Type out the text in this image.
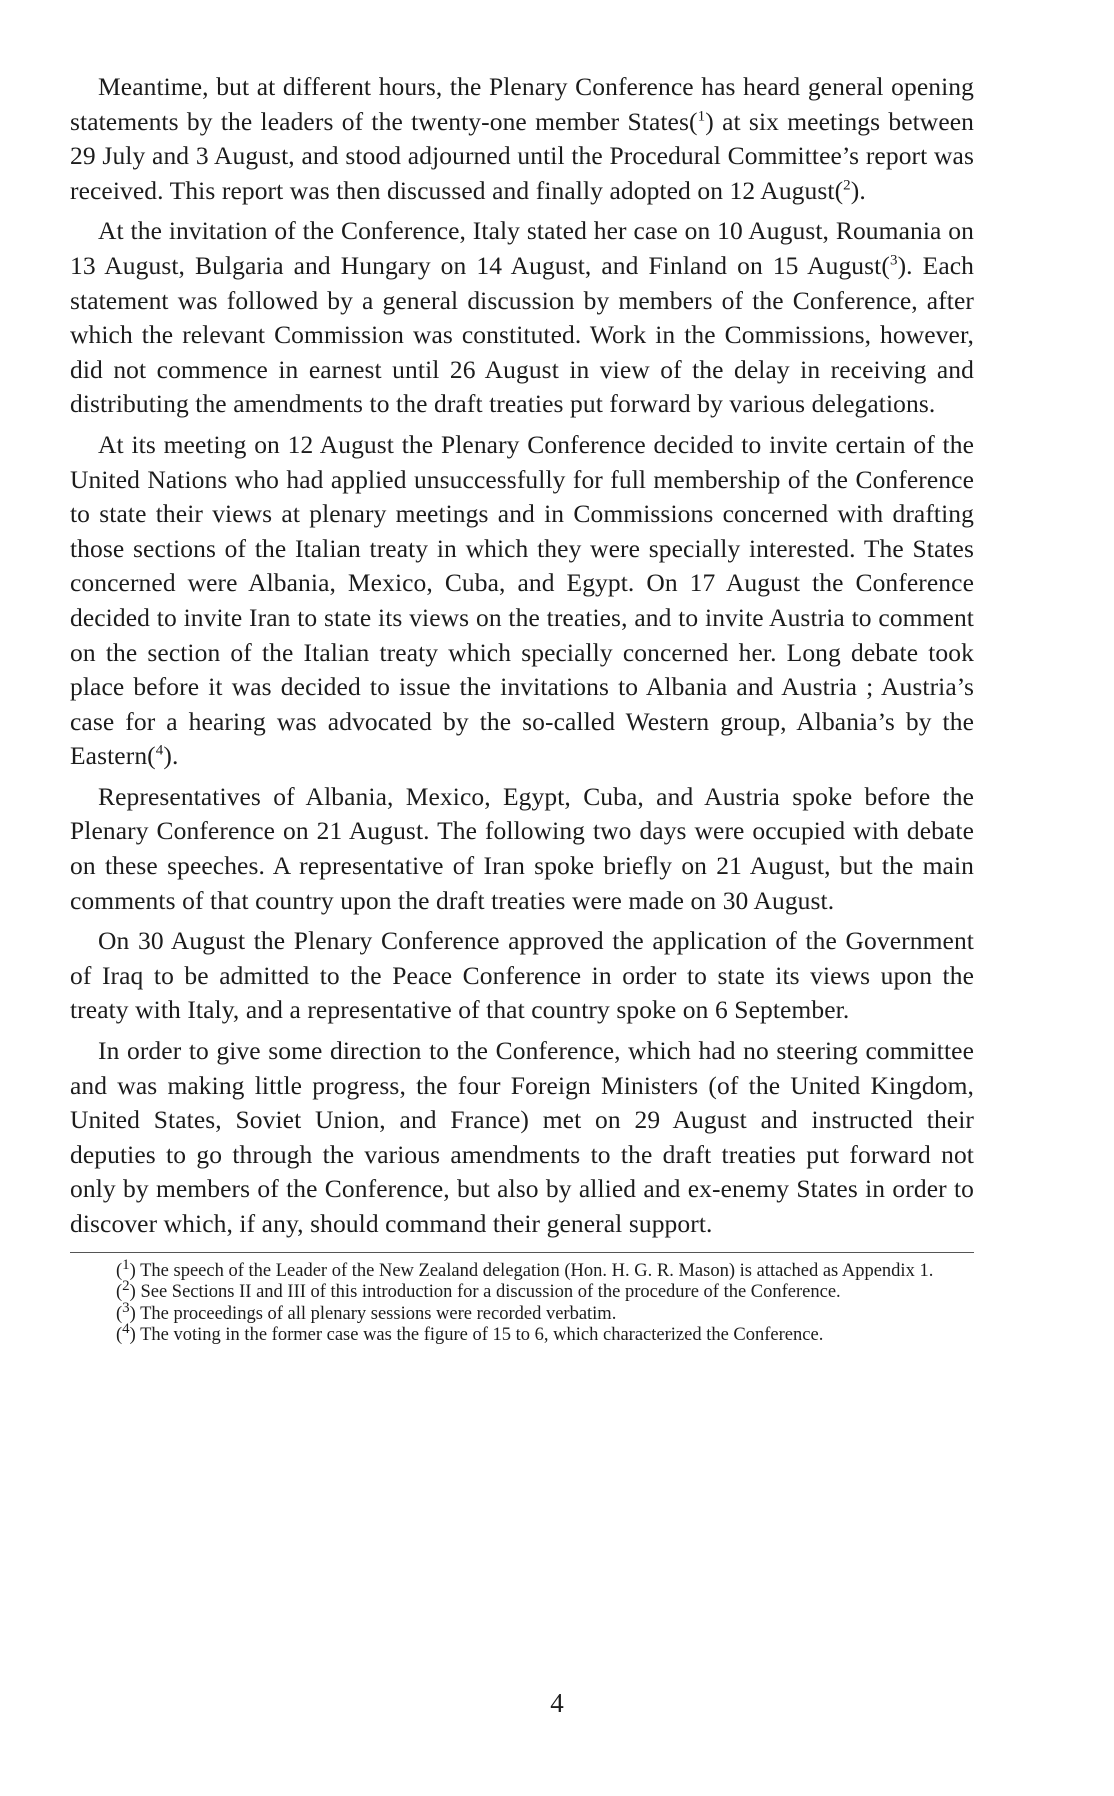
Meantime, but at different hours, the Plenary Conference has heard general opening statements by the leaders of the twenty-one member States($^1$) at six meetings between 29 July and 3 August, and stood adjourned until the Procedural Committee’s report was received. This report was then discussed and finally adopted on 12 August($^2$).

At the invitation of the Conference, Italy stated her case on 10 August, Roumania on 13 August, Bulgaria and Hungary on 14 August, and Finland on 15 August($^3$). Each statement was followed by a general discussion by members of the Conference, after which the relevant Commission was constituted. Work in the Commissions, however, did not commence in earnest until 26 August in view of the delay in receiving and distributing the amendments to the draft treaties put forward by various delegations.

At its meeting on 12 August the Plenary Conference decided to invite certain of the United Nations who had applied unsuccessfully for full membership of the Conference to state their views at plenary meetings and in Commissions concerned with drafting those sections of the Italian treaty in which they were specially interested. The States concerned were Albania, Mexico, Cuba, and Egypt. On 17 August the Conference decided to invite Iran to state its views on the treaties, and to invite Austria to comment on the section of the Italian treaty which specially concerned her. Long debate took place before it was decided to issue the invitations to Albania and Austria ; Austria’s case for a hearing was advocated by the so-called Western group, Albania’s by the Eastern($^4$).

Representatives of Albania, Mexico, Egypt, Cuba, and Austria spoke before the Plenary Conference on 21 August. The following two days were occupied with debate on these speeches. A representative of Iran spoke briefly on 21 August, but the main comments of that country upon the draft treaties were made on 30 August.

On 30 August the Plenary Conference approved the application of the Government of Iraq to be admitted to the Peace Conference in order to state its views upon the treaty with Italy, and a representative of that country spoke on 6 September.

In order to give some direction to the Conference, which had no steering committee and was making little progress, the four Foreign Ministers (of the United Kingdom, United States, Soviet Union, and France) met on 29 August and instructed their deputies to go through the various amendments to the draft treaties put forward not only by members of the Conference, but also by allied and ex-enemy States in order to discover which, if any, should command their general support.

($^1$) The speech of the Leader of the New Zealand delegation (Hon. H. G. R. Mason) is attached as Appendix 1.

($^2$) See Sections II and III of this introduction for a discussion of the procedure of the Conference.

($^3$) The proceedings of all plenary sessions were recorded verbatim.

($^4$) The voting in the former case was the figure of 15 to 6, which characterized the Conference.

4
